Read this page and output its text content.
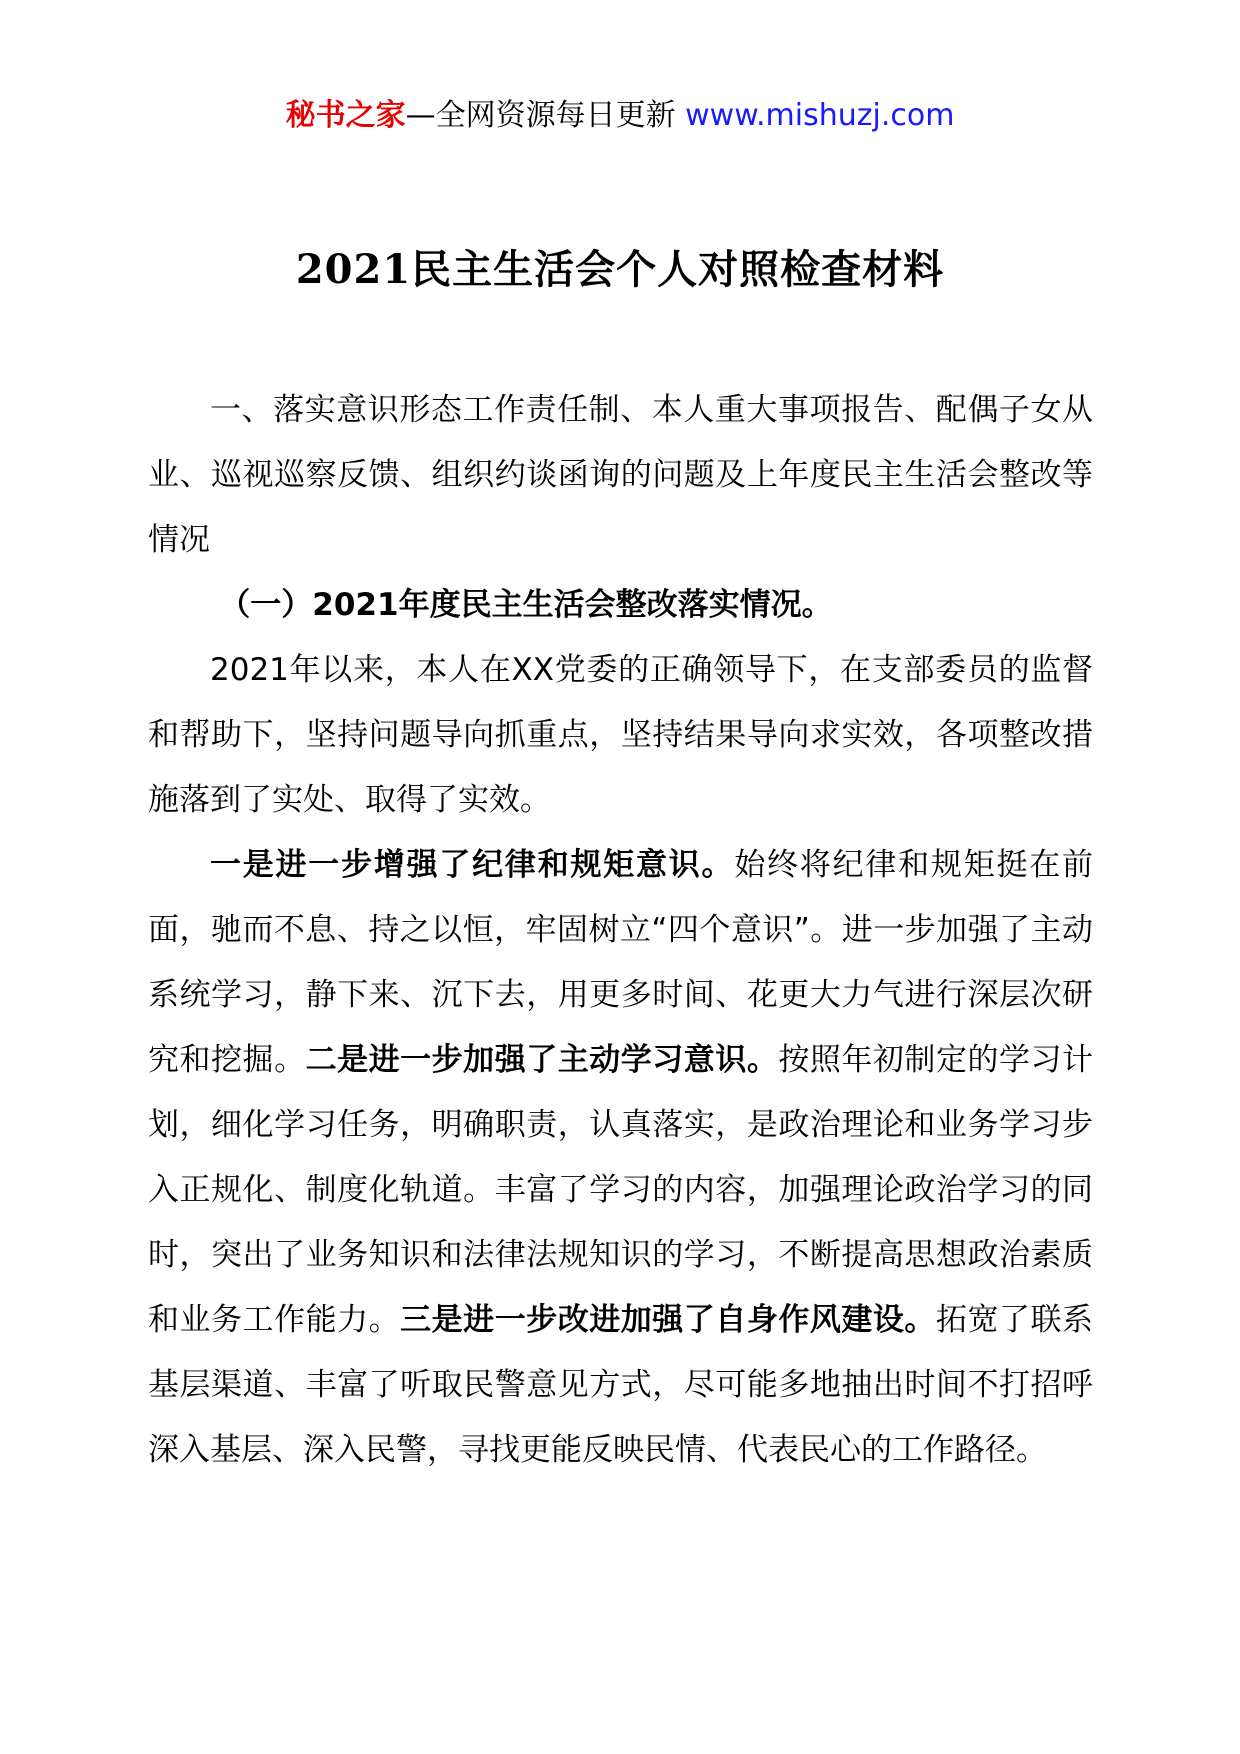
秘书之家—全网资源每日更新 www.mishuzj.com
2021民主生活会个人对照检查材料

一、落实意识形态工作责任制、本人重大事项报告、配偶子女从业、巡视巡察反馈、组织约谈函询的问题及上年度民主生活会整改等情况

（一）2021年度民主生活会整改落实情况。

2021年以来，本人在XX党委的正确领导下，在支部委员的监督和帮助下，坚持问题导向抓重点，坚持结果导向求实效，各项整改措施落到了实处、取得了实效。

一是进一步增强了纪律和规矩意识。始终将纪律和规矩挺在前面，驰而不息、持之以恒，牢固树立“四个意识”。进一步加强了主动系统学习，静下来、沉下去，用更多时间、花更大力气进行深层次研究和挖掘。二是进一步加强了主动学习意识。按照年初制定的学习计划，细化学习任务，明确职责，认真落实，是政治理论和业务学习步入正规化、制度化轨道。丰富了学习的内容，加强理论政治学习的同时，突出了业务知识和法律法规知识的学习，不断提高思想政治素质和业务工作能力。三是进一步改进加强了自身作风建设。拓宽了联系基层渠道、丰富了听取民警意见方式，尽可能多地抽出时间不打招呼深入基层、深入民警，寻找更能反映民情、代表民心的工作路径。
